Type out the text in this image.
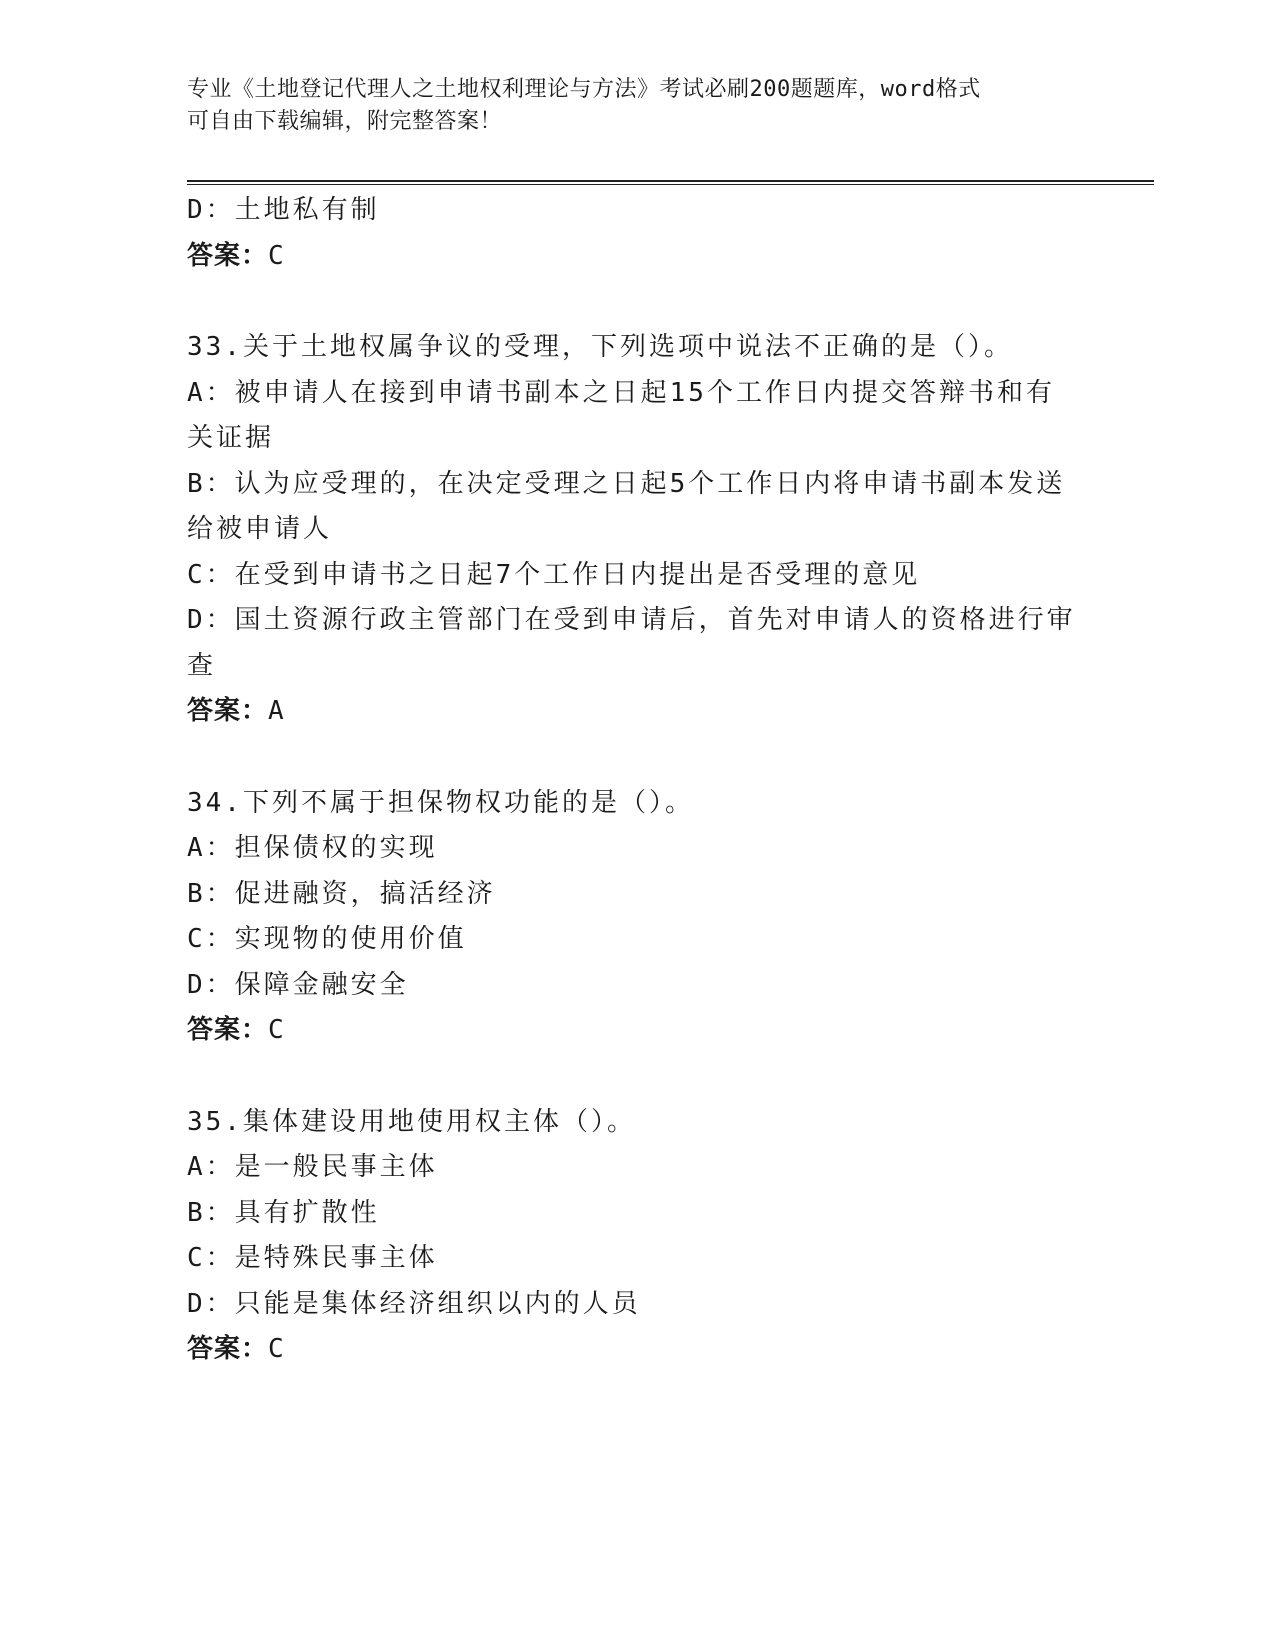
专业《土地登记代理人之土地权利理论与方法》考试必刷200题题库，word格式
可自由下载编辑，附完整答案！
D：土地私有制
答案：C
33.关于土地权属争议的受理，下列选项中说法不正确的是（）。
A：被申请人在接到申请书副本之日起15个工作日内提交答辩书和有
关证据
B：认为应受理的，在决定受理之日起5个工作日内将申请书副本发送
给被申请人
C：在受到申请书之日起7个工作日内提出是否受理的意见
D：国土资源行政主管部门在受到申请后，首先对申请人的资格进行审
查
答案：A
34.下列不属于担保物权功能的是（）。
A：担保债权的实现
B：促进融资，搞活经济
C：实现物的使用价值
D：保障金融安全
答案：C
35.集体建设用地使用权主体（）。
A：是一般民事主体
B：具有扩散性
C：是特殊民事主体
D：只能是集体经济组织以内的人员
答案：C
